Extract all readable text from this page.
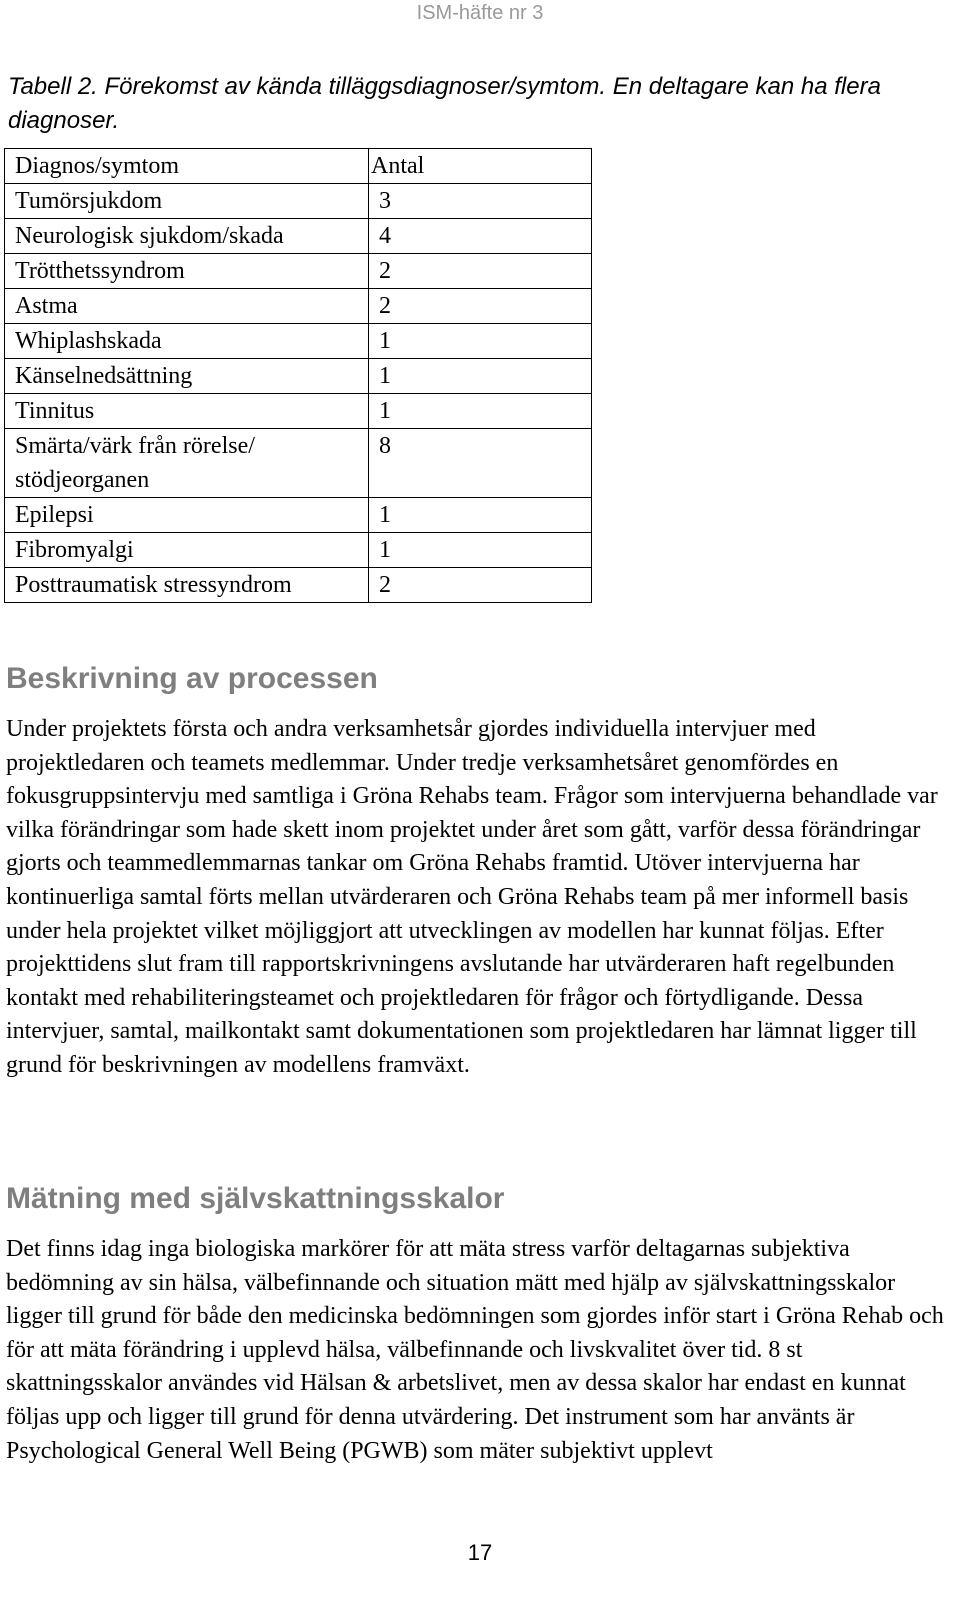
ISM-häfte nr 3
Tabell 2. Förekomst av kända tilläggsdiagnoser/symtom. En deltagare kan ha flera diagnoser.
Diagnos/symtom	Antal
Tumörsjukdom	3
Neurologisk sjukdom/skada	4
Trötthetssyndrom	2
Astma	2
Whiplashskada	1
Känselnedsättning	1
Tinnitus	1
Smärta/värk från rörelse/ stödjeorganen	8
Epilepsi	1
Fibromyalgi	1
Posttraumatisk stressyndrom	2
Beskrivning av processen

Under projektets första och andra verksamhetsår gjordes individuella intervjuer med projektledaren och teamets medlemmar. Under tredje verksamhetsåret genomfördes en fokusgruppsintervju med samtliga i Gröna Rehabs team. Frågor som intervjuerna behandlade var vilka förändringar som hade skett inom projektet under året som gått, varför dessa förändringar gjorts och teammedlemmarnas tankar om Gröna Rehabs framtid. Utöver intervjuerna har kontinuerliga samtal förts mellan utvärderaren och Gröna Rehabs team på mer informell basis under hela projektet vilket möjliggjort att utvecklingen av modellen har kunnat följas. Efter projekttidens slut fram till rapportskrivningens avslutande har utvärderaren haft regelbunden kontakt med rehabiliteringsteamet och projektledaren för frågor och förtydligande. Dessa intervjuer, samtal, mailkontakt samt dokumentationen som projektledaren har lämnat ligger till grund för beskrivningen av modellens framväxt.

Mätning med självskattningsskalor

Det finns idag inga biologiska markörer för att mäta stress varför deltagarnas subjektiva bedömning av sin hälsa, välbefinnande och situation mätt med hjälp av självskattningsskalor ligger till grund för både den medicinska bedömningen som gjordes inför start i Gröna Rehab och för att mäta förändring i upplevd hälsa, välbefinnande och livskvalitet över tid. 8 st skattningsskalor användes vid Hälsan & arbetslivet, men av dessa skalor har endast en kunnat följas upp och ligger till grund för denna utvärdering. Det instrument som har använts är Psychological General Well Being (PGWB) som mäter subjektivt upplevt

17
